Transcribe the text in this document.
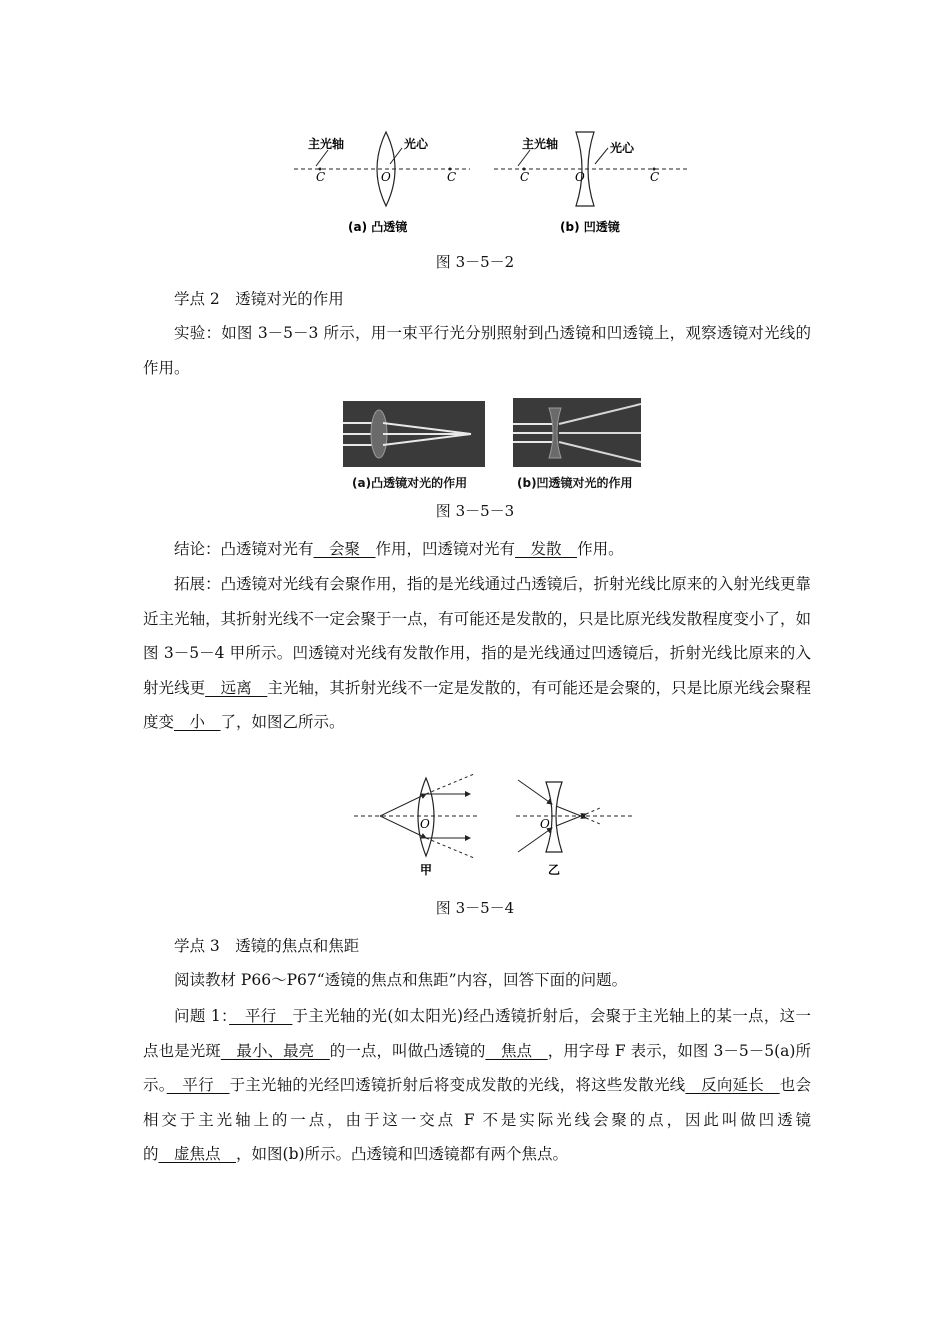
主光轴	光心
C	O	C
(a) 凸透镜
主光轴	光心
C	O	C
(b) 凹透镜
图 3－5－2
学点 2　透镜对光的作用
实验：如图 3－5－3 所示，用一束平行光分别照射到凸透镜和凹透镜上，观察透镜对光线的作用。
(a)凸透镜对光的作用	(b)凹透镜对光的作用
图 3－5－3
结论：凸透镜对光有　会聚　作用，凹透镜对光有　发散　作用。
拓展：凸透镜对光线有会聚作用，指的是光线通过凸透镜后，折射光线比原来的入射光线更靠近主光轴，其折射光线不一定会聚于一点，有可能还是发散的，只是比原光线发散程度变小了，如图 3－5－4 甲所示。凹透镜对光线有发散作用，指的是光线通过凹透镜后，折射光线比原来的入射光线更　远离　主光轴，其折射光线不一定是发散的，有可能还是会聚的，只是比原光线会聚程度变　小　了，如图乙所示。
O
甲
O
乙
图 3－5－4
学点 3　透镜的焦点和焦距
阅读教材 P66～P67“透镜的焦点和焦距”内容，回答下面的问题。
问题 1：　平行　于主光轴的光(如太阳光)经凸透镜折射后，会聚于主光轴上的某一点，这一点也是光斑　最小、最亮　的一点，叫做凸透镜的　焦点　，用字母 F 表示，如图 3－5－5(a)所示。　平行　于主光轴的光经凹透镜折射后将变成发散的光线，将这些发散光线　反向延长　也会相交于主光轴上的一点，由于这一交点 F 不是实际光线会聚的点，因此叫做凹透镜的　虚焦点　，如图(b)所示。凸透镜和凹透镜都有两个焦点。
